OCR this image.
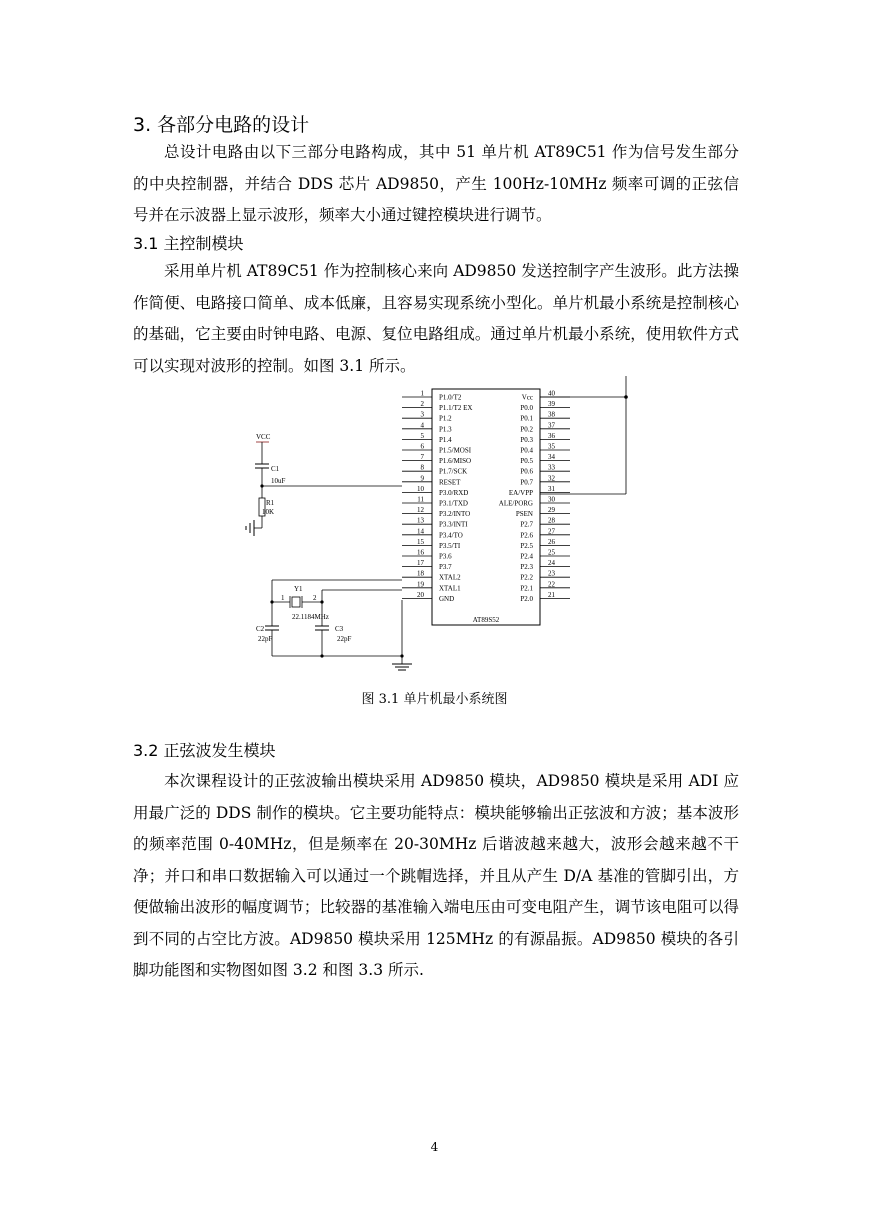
3. 各部分电路的设计
总设计电路由以下三部分电路构成，其中 51 单片机 AT89C51 作为信号发生部分的中央控制器，并结合 DDS 芯片 AD9850，产生 100Hz-10MHz 频率可调的正弦信号并在示波器上显示波形，频率大小通过键控模块进行调节。
3.1 主控制模块
采用单片机 AT89C51 作为控制核心来向 AD9850 发送控制字产生波形。此方法操作简便、电路接口简单、成本低廉，且容易实现系统小型化。单片机最小系统是控制核心的基础，它主要由时钟电路、电源、复位电路组成。通过单片机最小系统，使用软件方式可以实现对波形的控制。如图 3.1 所示。
1 P1.0/T2
2 P1.1/T2 EX
3 P1.2
4 P1.3
5 P1.4
6 P1.5/MOSI
7 P1.6/MISO
8 P1.7/SCK
9 RESET
10 P3.0/RXD
11 P3.1/TXD
12
P3.2/INTO
13 P3.3/INTI
14 P3.4/TO
15 P3.5/TI
16 P3.6
17 P3.7
18 XTAL2
19 XTAL1
20 GND
40
Vcc
39
P0.0
38
P0.1
37
P0.2
36
P0.3
35
P0.4
34
P0.5
33
P0.6
32
P0.7
31
EA/VPP
30
ALE/PORG
29
PSEN
28
P2.7
27
P2.6
26
P2.5
25
P2.4
24
P2.3
23
P2.2
22
P2.1
21
P2.0
AT89S52
VCC
C1
10uF
R1
10K
Y1
1	2
22.1184MHz
C2
22pF
C3
22pF
图 3.1 单片机最小系统图
3.2 正弦波发生模块
本次课程设计的正弦波输出模块采用 AD9850 模块，AD9850 模块是采用 ADI 应用最广泛的 DDS 制作的模块。它主要功能特点：模块能够输出正弦波和方波；基本波形的频率范围 0-40MHz，但是频率在 20-30MHz 后谐波越来越大，波形会越来越不干净；并口和串口数据输入可以通过一个跳帽选择，并且从产生 D/A 基准的管脚引出，方便做输出波形的幅度调节；比较器的基准输入端电压由可变电阻产生，调节该电阻可以得到不同的占空比方波。AD9850 模块采用 125MHz 的有源晶振。AD9850 模块的各引脚功能图和实物图如图 3.2 和图 3.3 所示.
4
